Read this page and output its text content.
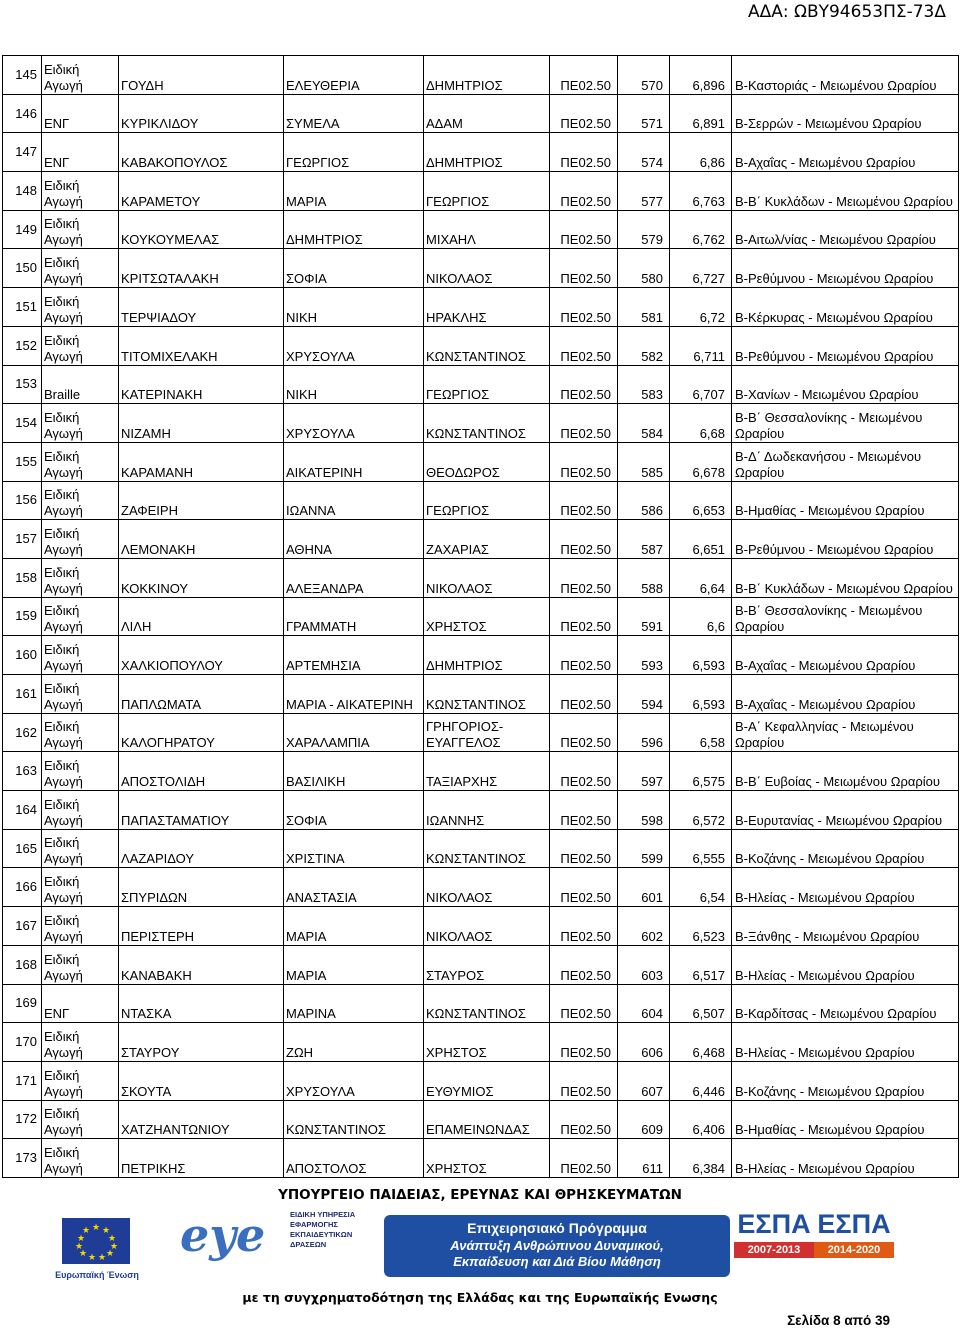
ΑΔΑ: ΩΒΥ94653ΠΣ-73Δ
145	Ειδική Αγωγή	ΓΟΥΔΗ	ΕΛΕΥΘΕΡΙΑ	ΔΗΜΗΤΡΙΟΣ	ΠΕ02.50	570	6,896	Β-Καστοριάς - Μειωμένου Ωραρίου
146	ΕΝΓ	ΚΥΡΙΚΛΙΔΟΥ	ΣΥΜΕΛΑ	ΑΔΑΜ	ΠΕ02.50	571	6,891	Β-Σερρών - Μειωμένου Ωραρίου
147	ΕΝΓ	ΚΑΒΑΚΟΠΟΥΛΟΣ	ΓΕΩΡΓΙΟΣ	ΔΗΜΗΤΡΙΟΣ	ΠΕ02.50	574	6,86	Β-Αχαΐας - Μειωμένου Ωραρίου
148	Ειδική Αγωγή	ΚΑΡΑΜΕΤΟΥ	ΜΑΡΙΑ	ΓΕΩΡΓΙΟΣ	ΠΕ02.50	577	6,763	Β-Β΄ Κυκλάδων - Μειωμένου Ωραρίου
149	Ειδική Αγωγή	ΚΟΥΚΟΥΜΕΛΑΣ	ΔΗΜΗΤΡΙΟΣ	ΜΙΧΑΗΛ	ΠΕ02.50	579	6,762	Β-Αιτωλ/νίας - Μειωμένου Ωραρίου
150	Ειδική Αγωγή	ΚΡΙΤΣΩΤΑΛΑΚΗ	ΣΟΦΙΑ	ΝΙΚΟΛΑΟΣ	ΠΕ02.50	580	6,727	Β-Ρεθύμνου - Μειωμένου Ωραρίου
151	Ειδική Αγωγή	ΤΕΡΨΙΑΔΟΥ	ΝΙΚΗ	ΗΡΑΚΛΗΣ	ΠΕ02.50	581	6,72	Β-Κέρκυρας - Μειωμένου Ωραρίου
152	Ειδική Αγωγή	ΤΙΤΟΜΙΧΕΛΑΚΗ	ΧΡΥΣΟΥΛΑ	ΚΩΝΣΤΑΝΤΙΝΟΣ	ΠΕ02.50	582	6,711	Β-Ρεθύμνου - Μειωμένου Ωραρίου
153	Braille	ΚΑΤΕΡΙΝΑΚΗ	ΝΙΚΗ	ΓΕΩΡΓΙΟΣ	ΠΕ02.50	583	6,707	Β-Χανίων - Μειωμένου Ωραρίου
154	Ειδική Αγωγή	ΝΙΖΑΜΗ	ΧΡΥΣΟΥΛΑ	ΚΩΝΣΤΑΝΤΙΝΟΣ	ΠΕ02.50	584	6,68	Β-Β΄ Θεσσαλονίκης - Μειωμένου Ωραρίου
155	Ειδική Αγωγή	ΚΑΡΑΜΑΝΗ	ΑΙΚΑΤΕΡΙΝΗ	ΘΕΟΔΩΡΟΣ	ΠΕ02.50	585	6,678	Β-Δ΄ Δωδεκανήσου - Μειωμένου Ωραρίου
156	Ειδική Αγωγή	ΖΑΦΕΙΡΗ	ΙΩΑΝΝΑ	ΓΕΩΡΓΙΟΣ	ΠΕ02.50	586	6,653	Β-Ημαθίας - Μειωμένου Ωραρίου
157	Ειδική Αγωγή	ΛΕΜΟΝΑΚΗ	ΑΘΗΝΑ	ΖΑΧΑΡΙΑΣ	ΠΕ02.50	587	6,651	Β-Ρεθύμνου - Μειωμένου Ωραρίου
158	Ειδική Αγωγή	ΚΟΚΚΙΝΟΥ	ΑΛΕΞΑΝΔΡΑ	ΝΙΚΟΛΑΟΣ	ΠΕ02.50	588	6,64	Β-Β΄ Κυκλάδων - Μειωμένου Ωραρίου
159	Ειδική Αγωγή	ΛΙΛΗ	ΓΡΑΜΜΑΤΗ	ΧΡΗΣΤΟΣ	ΠΕ02.50	591	6,6	Β-Β΄ Θεσσαλονίκης - Μειωμένου Ωραρίου
160	Ειδική Αγωγή	ΧΑΛΚΙΟΠΟΥΛΟΥ	ΑΡΤΕΜΗΣΙΑ	ΔΗΜΗΤΡΙΟΣ	ΠΕ02.50	593	6,593	Β-Αχαΐας - Μειωμένου Ωραρίου
161	Ειδική Αγωγή	ΠΑΠΛΩΜΑΤΑ	ΜΑΡΙΑ - ΑΙΚΑΤΕΡΙΝΗ	ΚΩΝΣΤΑΝΤΙΝΟΣ	ΠΕ02.50	594	6,593	Β-Αχαΐας - Μειωμένου Ωραρίου
162	Ειδική Αγωγή	ΚΑΛΟΓΗΡΑΤΟΥ	ΧΑΡΑΛΑΜΠΙΑ	ΓΡΗΓΟΡΙΟΣ-ΕΥΑΓΓΕΛΟΣ	ΠΕ02.50	596	6,58	Β-Α΄ Κεφαλληνίας - Μειωμένου Ωραρίου
163	Ειδική Αγωγή	ΑΠΟΣΤΟΛΙΔΗ	ΒΑΣΙΛΙΚΗ	ΤΑΞΙΑΡΧΗΣ	ΠΕ02.50	597	6,575	Β-Β΄ Ευβοίας - Μειωμένου Ωραρίου
164	Ειδική Αγωγή	ΠΑΠΑΣΤΑΜΑΤΙΟΥ	ΣΟΦΙΑ	ΙΩΑΝΝΗΣ	ΠΕ02.50	598	6,572	Β-Ευρυτανίας - Μειωμένου Ωραρίου
165	Ειδική Αγωγή	ΛΑΖΑΡΙΔΟΥ	ΧΡΙΣΤΙΝΑ	ΚΩΝΣΤΑΝΤΙΝΟΣ	ΠΕ02.50	599	6,555	Β-Κοζάνης - Μειωμένου Ωραρίου
166	Ειδική Αγωγή	ΣΠΥΡΙΔΩΝ	ΑΝΑΣΤΑΣΙΑ	ΝΙΚΟΛΑΟΣ	ΠΕ02.50	601	6,54	Β-Ηλείας - Μειωμένου Ωραρίου
167	Ειδική Αγωγή	ΠΕΡΙΣΤΕΡΗ	ΜΑΡΙΑ	ΝΙΚΟΛΑΟΣ	ΠΕ02.50	602	6,523	Β-Ξάνθης - Μειωμένου Ωραρίου
168	Ειδική Αγωγή	ΚΑΝΑΒΑΚΗ	ΜΑΡΙΑ	ΣΤΑΥΡΟΣ	ΠΕ02.50	603	6,517	Β-Ηλείας - Μειωμένου Ωραρίου
169	ΕΝΓ	ΝΤΑΣΚΑ	ΜΑΡΙΝΑ	ΚΩΝΣΤΑΝΤΙΝΟΣ	ΠΕ02.50	604	6,507	Β-Καρδίτσας - Μειωμένου Ωραρίου
170	Ειδική Αγωγή	ΣΤΑΥΡΟΥ	ΖΩΗ	ΧΡΗΣΤΟΣ	ΠΕ02.50	606	6,468	Β-Ηλείας - Μειωμένου Ωραρίου
171	Ειδική Αγωγή	ΣΚΟΥΤΑ	ΧΡΥΣΟΥΛΑ	ΕΥΘΥΜΙΟΣ	ΠΕ02.50	607	6,446	Β-Κοζάνης - Μειωμένου Ωραρίου
172	Ειδική Αγωγή	ΧΑΤΖΗΑΝΤΩΝΙΟΥ	ΚΩΝΣΤΑΝΤΙΝΟΣ	ΕΠΑΜΕΙΝΩΝΔΑΣ	ΠΕ02.50	609	6,406	Β-Ημαθίας - Μειωμένου Ωραρίου
173	Ειδική Αγωγή	ΠΕΤΡΙΚΗΣ	ΑΠΟΣΤΟΛΟΣ	ΧΡΗΣΤΟΣ	ΠΕ02.50	611	6,384	Β-Ηλείας - Μειωμένου Ωραρίου
ΥΠΟΥΡΓΕΙΟ ΠΑΙΔΕΙΑΣ, ΕΡΕΥΝΑΣ ΚΑΙ ΘΡΗΣΚΕΥΜΑΤΩΝ
★ ★
★
★
★
★
★
★
★
★
★
Ευρωπαϊκή Ένωση
eye	ΕΙΔΙΚΗ ΥΠΗΡΕΣΙΑ ΕΦΑΡΜΟΓΗΣ ΕΚΠΑΙΔΕΥΤΙΚΩΝ ΔΡΑΣΕΩΝ
Επιχειρησιακό Πρόγραμμα
Ανάπτυξη Ανθρώπινου Δυναμικού,
Εκπαίδευση και Διά Βίου Μάθηση
ΕΣΠΑ
2007-2013
ΕΣΠΑ
2014-2020
με τη συγχρηματοδότηση της Ελλάδας και της Ευρωπαϊκής Ενωσης
Σελίδα 8 από 39
